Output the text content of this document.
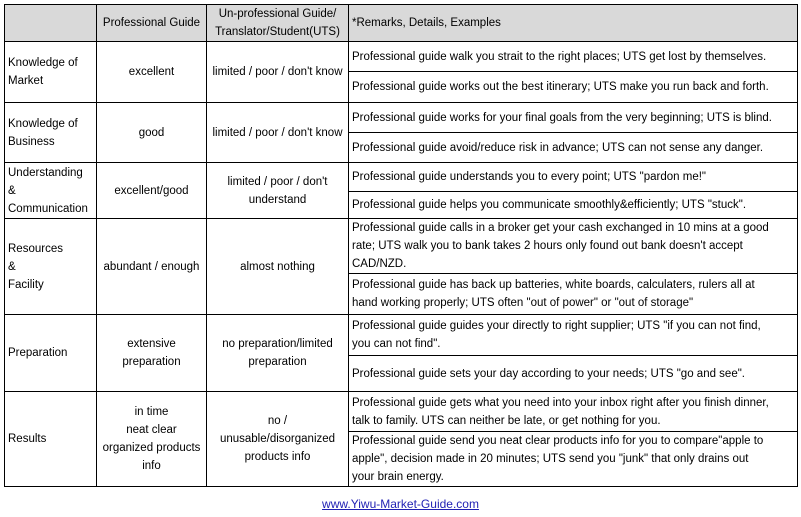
	Professional Guide	Un-professional Guide/
Translator/Student(UTS)	*Remarks, Details, Examples

Knowledge of
Market	excellent	limited / poor / don't know	Professional guide walk you strait to the right places; UTS get lost by themselves.

			Professional guide works out the best itinerary; UTS make you run back and forth.

Knowledge of
Business	good	limited / poor / don't know	Professional guide works for your final goals from the very beginning; UTS is blind.

			Professional guide avoid/reduce risk in advance; UTS can not sense any danger.

Understanding
&
Communication	excellent/good	limited / poor / don't
understand	Professional guide understands you to every point; UTS "pardon me!"

			Professional guide helps you communicate smoothly&efficiently; UTS "stuck".

Resources
&
Facility	abundant / enough	almost nothing	Professional guide calls in a broker get your cash exchanged in 10 mins at a good
rate; UTS walk you to bank takes 2 hours only found out bank doesn't accept
CAD/NZD.

			Professional guide has back up batteries, white boards, calculaters, rulers all at
hand working properly; UTS often "out of power" or "out of storage"

Preparation	extensive
preparation	no preparation/limited
preparation	Professional guide guides your directly to right supplier; UTS "if you can not find,
you can not find".

			Professional guide sets your day according to your needs; UTS "go and see".

Results	in time
neat clear
organized products
info	no / unusable/disorganized
products info	Professional guide gets what you need into your inbox right after you finish dinner,
talk to family. UTS can neither be late, or get nothing for you.

			Professional guide send you neat clear products info for you to compare"apple to
apple", decision made in 20 minutes; UTS send you "junk" that only drains out
your brain energy.
www.Yiwu-Market-Guide.com
